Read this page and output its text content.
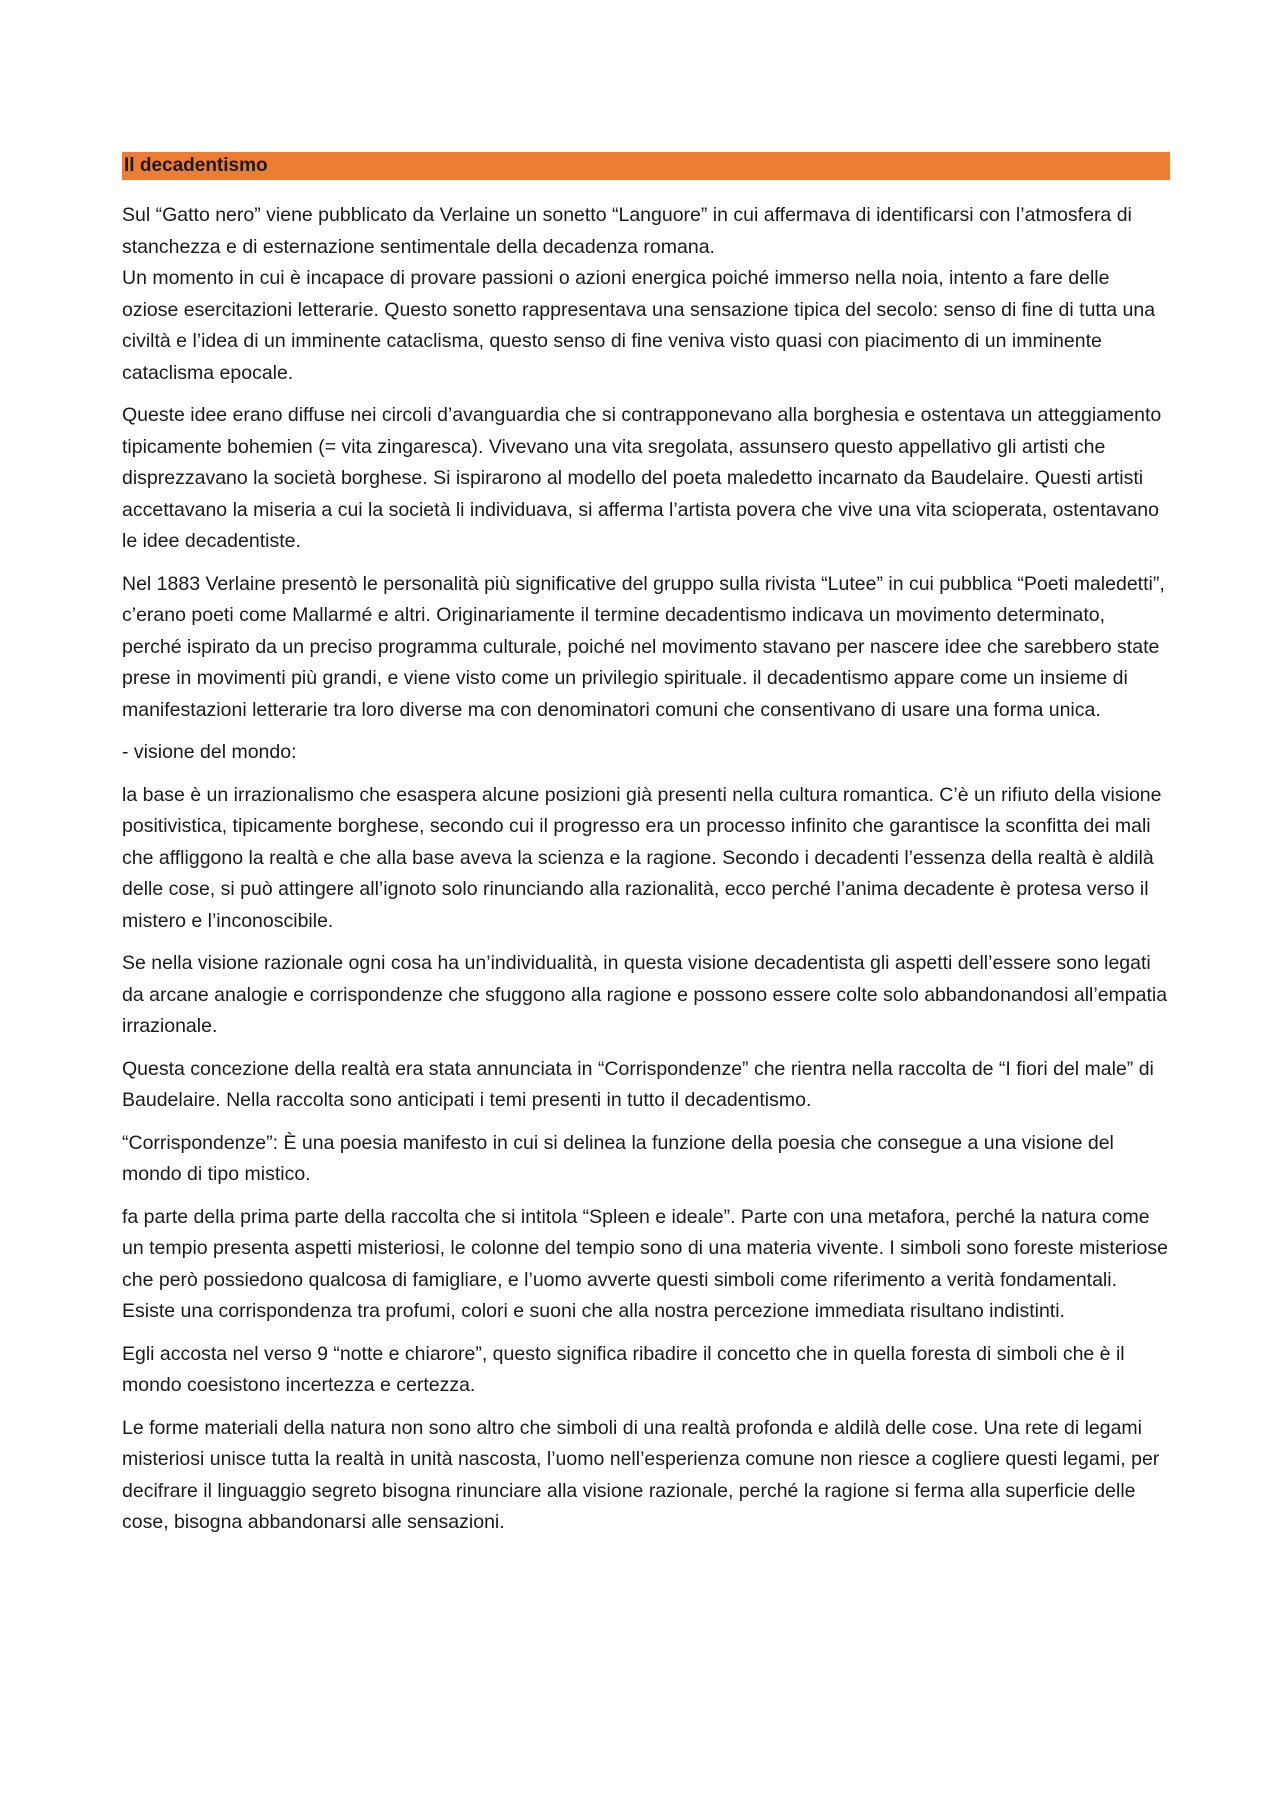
Il decadentismo

Sul “Gatto nero” viene pubblicato da Verlaine un sonetto “Languore” in cui affermava di identificarsi con l’atmosfera di stanchezza e di esternazione sentimentale della decadenza romana.

Un momento in cui è incapace di provare passioni o azioni energica poiché immerso nella noia, intento a fare delle oziose esercitazioni letterarie. Questo sonetto rappresentava una sensazione tipica del secolo: senso di fine di tutta una civiltà e l’idea di un imminente cataclisma, questo senso di fine veniva visto quasi con piacimento di un imminente cataclisma epocale.

Queste idee erano diffuse nei circoli d’avanguardia che si contrapponevano alla borghesia e ostentava un atteggiamento tipicamente bohemien (= vita zingaresca). Vivevano una vita sregolata, assunsero questo appellativo gli artisti che disprezzavano la società borghese. Si ispirarono al modello del poeta maledetto incarnato da Baudelaire. Questi artisti accettavano la miseria a cui la società li individuava, si afferma l’artista povera che vive una vita scioperata, ostentavano le idee decadentiste.

Nel 1883 Verlaine presentò le personalità più significative del gruppo sulla rivista “Lutee” in cui pubblica “Poeti maledetti”, c’erano poeti come Mallarmé e altri. Originariamente il termine decadentismo indicava un movimento determinato, perché ispirato da un preciso programma culturale, poiché nel movimento stavano per nascere idee che sarebbero state prese in movimenti più grandi, e viene visto come un privilegio spirituale. il decadentismo appare come un insieme di manifestazioni letterarie tra loro diverse ma con denominatori comuni che consentivano di usare una forma unica.

- visione del mondo:

la base è un irrazionalismo che esaspera alcune posizioni già presenti nella cultura romantica. C’è un rifiuto della visione positivistica, tipicamente borghese, secondo cui il progresso era un processo infinito che garantisce la sconfitta dei mali che affliggono la realtà e che alla base aveva la scienza e la ragione. Secondo i decadenti l’essenza della realtà è aldilà delle cose, si può attingere all’ignoto solo rinunciando alla razionalità, ecco perché l’anima decadente è protesa verso il mistero e l’inconoscibile.

Se nella visione razionale ogni cosa ha un’individualità, in questa visione decadentista gli aspetti dell’essere sono legati da arcane analogie e corrispondenze che sfuggono alla ragione e possono essere colte solo abbandonandosi all’empatia irrazionale.

Questa concezione della realtà era stata annunciata in “Corrispondenze” che rientra nella raccolta de “I fiori del male” di Baudelaire. Nella raccolta sono anticipati i temi presenti in tutto il decadentismo.

“Corrispondenze”: È una poesia manifesto in cui si delinea la funzione della poesia che consegue a una visione del mondo di tipo mistico.

fa parte della prima parte della raccolta che si intitola “Spleen e ideale”. Parte con una metafora, perché la natura come un tempio presenta aspetti misteriosi, le colonne del tempio sono di una materia vivente. I simboli sono foreste misteriose che però possiedono qualcosa di famigliare, e l’uomo avverte questi simboli come riferimento a verità fondamentali. Esiste una corrispondenza tra profumi, colori e suoni che alla nostra percezione immediata risultano indistinti.

Egli accosta nel verso 9 “notte e chiarore”, questo significa ribadire il concetto che in quella foresta di simboli che è il mondo coesistono incertezza e certezza.

Le forme materiali della natura non sono altro che simboli di una realtà profonda e aldilà delle cose. Una rete di legami misteriosi unisce tutta la realtà in unità nascosta, l’uomo nell’esperienza comune non riesce a cogliere questi legami, per decifrare il linguaggio segreto bisogna rinunciare alla visione razionale, perché la ragione si ferma alla superficie delle cose, bisogna abbandonarsi alle sensazioni.
